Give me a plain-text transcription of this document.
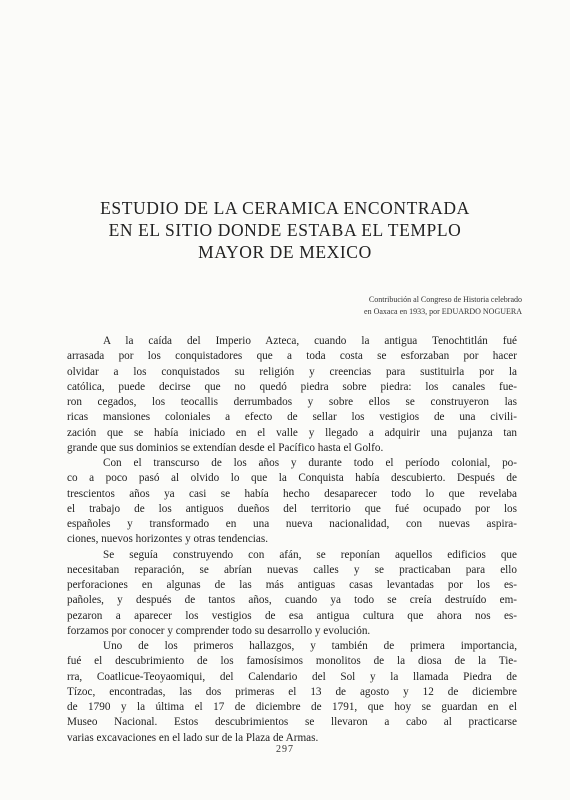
ESTUDIO DE LA CERAMICA ENCONTRADA
EN EL SITIO DONDE ESTABA EL TEMPLO
MAYOR DE MEXICO
Contribución al Congreso de Historia celebrado
en Oaxaca en 1933, por EDUARDO NOGUERA
A la caída del Imperio Azteca, cuando la antigua Tenochtitlán fué
arrasada por los conquistadores que a toda costa se esforzaban por hacer
olvidar a los conquistados su religión y creencias para sustituirla por la
católica, puede decirse que no quedó piedra sobre piedra: los canales fue-
ron cegados, los teocallis derrumbados y sobre ellos se construyeron las
ricas mansiones coloniales a efecto de sellar los vestigios de una civili-
zación que se había iniciado en el valle y llegado a adquirir una pujanza tan
grande que sus dominios se extendían desde el Pacífico hasta el Golfo.
Con el transcurso de los años y durante todo el período colonial, po-
co a poco pasó al olvido lo que la Conquista había descubierto. Después de
trescientos años ya casi se había hecho desaparecer todo lo que revelaba
el trabajo de los antiguos dueños del territorio que fué ocupado por los
españoles y transformado en una nueva nacionalidad, con nuevas aspira-
ciones, nuevos horizontes y otras tendencias.
Se seguía construyendo con afán, se reponían aquellos edificios que
necesitaban reparación, se abrían nuevas calles y se practicaban para ello
perforaciones en algunas de las más antiguas casas levantadas por los es-
pañoles, y después de tantos años, cuando ya todo se creía destruído em-
pezaron a aparecer los vestigios de esa antigua cultura que ahora nos es-
forzamos por conocer y comprender todo su desarrollo y evolución.
Uno de los primeros hallazgos, y también de primera importancia,
fué el descubrimiento de los famosísimos monolitos de la diosa de la Tie-
rra, Coatlicue-Teoyaomiqui, del Calendario del Sol y la llamada Piedra de
Tízoc, encontradas, las dos primeras el 13 de agosto y 12 de diciembre
de 1790 y la última el 17 de diciembre de 1791, que hoy se guardan en el
Museo Nacional. Estos descubrimientos se llevaron a cabo al practicarse
varias excavaciones en el lado sur de la Plaza de Armas.
297
